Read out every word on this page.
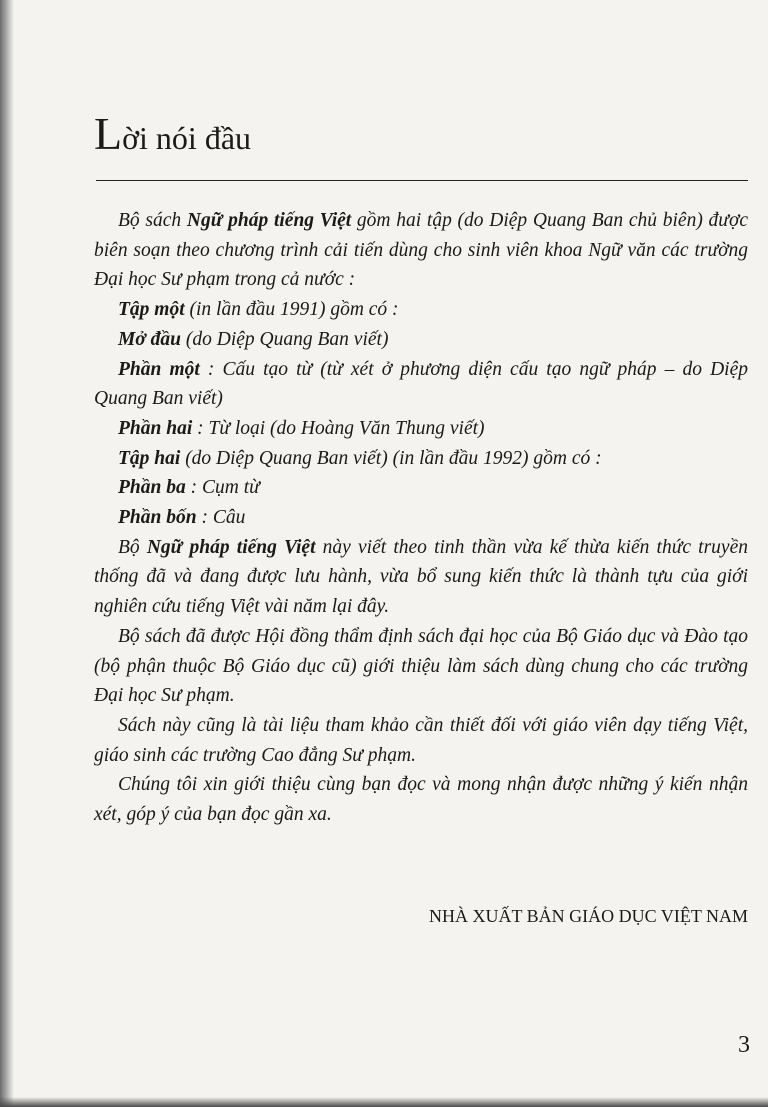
Lời nói đầu

Bộ sách Ngữ pháp tiếng Việt gồm hai tập (do Diệp Quang Ban chủ biên) được biên soạn theo chương trình cải tiến dùng cho sinh viên khoa Ngữ văn các trường Đại học Sư phạm trong cả nước :

Tập một (in lần đầu 1991) gồm có :

Mở đầu (do Diệp Quang Ban viết)

Phần một : Cấu tạo từ (từ xét ở phương diện cấu tạo ngữ pháp – do Diệp Quang Ban viết)

Phần hai : Từ loại (do Hoàng Văn Thung viết)

Tập hai (do Diệp Quang Ban viết) (in lần đầu 1992) gồm có :

Phần ba : Cụm từ

Phần bốn : Câu

Bộ Ngữ pháp tiếng Việt này viết theo tinh thần vừa kế thừa kiến thức truyền thống đã và đang được lưu hành, vừa bổ sung kiến thức là thành tựu của giới nghiên cứu tiếng Việt vài năm lại đây.

Bộ sách đã được Hội đồng thẩm định sách đại học của Bộ Giáo dục và Đào tạo (bộ phận thuộc Bộ Giáo dục cũ) giới thiệu làm sách dùng chung cho các trường Đại học Sư phạm.

Sách này cũng là tài liệu tham khảo cần thiết đối với giáo viên dạy tiếng Việt, giáo sinh các trường Cao đẳng Sư phạm.

Chúng tôi xin giới thiệu cùng bạn đọc và mong nhận được những ý kiến nhận xét, góp ý của bạn đọc gần xa.

NHÀ XUẤT BẢN GIÁO DỤC VIỆT NAM
3
